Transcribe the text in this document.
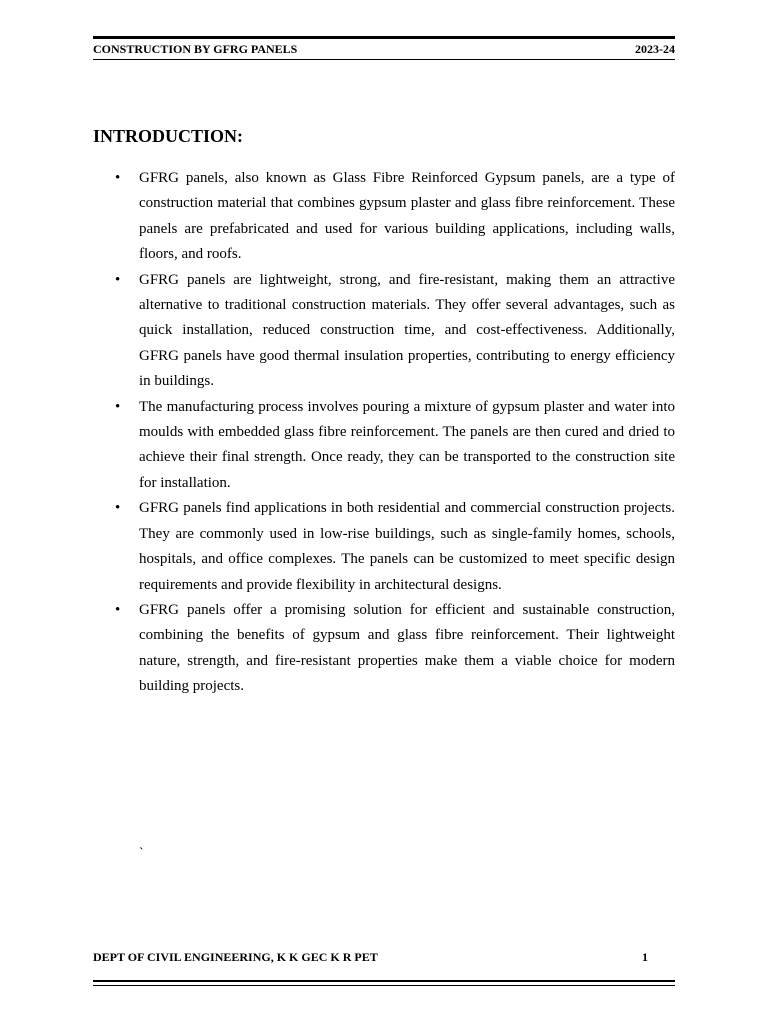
CONSTRUCTION BY GFRG PANELS	2023-24
INTRODUCTION:
•	GFRG panels, also known as Glass Fibre Reinforced Gypsum panels, are a type of construction material that combines gypsum plaster and glass fibre reinforcement. These panels are prefabricated and used for various building applications, including walls, floors, and roofs.
•	GFRG panels are lightweight, strong, and fire-resistant, making them an attractive alternative to traditional construction materials. They offer several advantages, such as quick installation, reduced construction time, and cost-effectiveness. Additionally, GFRG panels have good thermal insulation properties, contributing to energy efficiency in buildings.
•	The manufacturing process involves pouring a mixture of gypsum plaster and water into moulds with embedded glass fibre reinforcement. The panels are then cured and dried to achieve their final strength. Once ready, they can be transported to the construction site for installation.
•	GFRG panels find applications in both residential and commercial construction projects. They are commonly used in low-rise buildings, such as single-family homes, schools, hospitals, and office complexes. The panels can be customized to meet specific design requirements and provide flexibility in architectural designs.
•	GFRG panels offer a promising solution for efficient and sustainable construction, combining the benefits of gypsum and glass fibre reinforcement. Their lightweight nature, strength, and fire-resistant properties make them a viable choice for modern building projects.
`
DEPT OF CIVIL ENGINEERING, K K GEC K R PET	1
